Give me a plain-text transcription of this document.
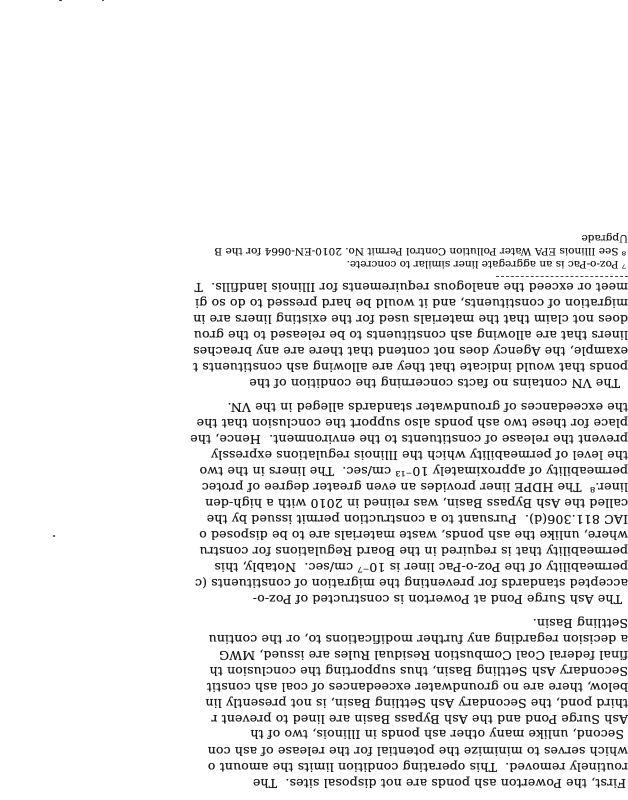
First, the Powerton ash ponds are not disposal sites.  The
routinely removed.  This operating condition limits the amount o
which serves to minimize the potential for the release of ash con
Second, unlike many other ash ponds in Illinois, two of th
Ash Surge Pond and the Ash Bypass Basin are lined to prevent r
third pond, the Secondary Ash Settling Basin, is not presently lin
below, there are no groundwater exceedances of coal ash constit
Secondary Ash Settling Basin, thus supporting the conclusion th
final federal Coal Combustion Residual Rules are issued, MWG
a decision regarding any further modifications to, or the continu
Settling Basin.
The Ash Surge Pond at Powerton is constructed of Poz-o-
accepted standards for preventing the migration of constituents (c
permeability of the Poz-o-Pac liner is 10⁻⁷ cm/sec.  Notably, this
permeability that is required in the Board Regulations for constru
where, unlike the ash ponds, waste materials are to be disposed o
IAC 811.306(d).  Pursuant to a construction permit issued by the
called the Ash Bypass Basin, was relined in 2010 with a high-den
liner.⁸  The HDPE liner provides an even greater degree of protec
permeability of approximately 10⁻¹³ cm/sec.  The liners in the two
the level of permeability which the Illinois regulations expressly
prevent the release of constituents to the environment.  Hence, the
place for these two ash ponds also support the conclusion that the
the exceedances of groundwater standards alleged in the VN.
The VN contains no facts concerning the condition of the
ponds that would indicate that they are allowing ash constituents t
example, the Agency does not contend that there are any breaches
liners that are allowing ash constituents to be released to the grou
does not claim that the materials used for the existing liners are in
migration of constituents, and it would be hard pressed to do so gi
meet or exceed the analogous requirements for Illinois landfills.  T
⁷ Poz-o-Pac is an aggregate liner similar to concrete.
⁸ See Illinois EPA Water Pollution Control Permit No. 2010-EN-0664 for the B
Upgrade
